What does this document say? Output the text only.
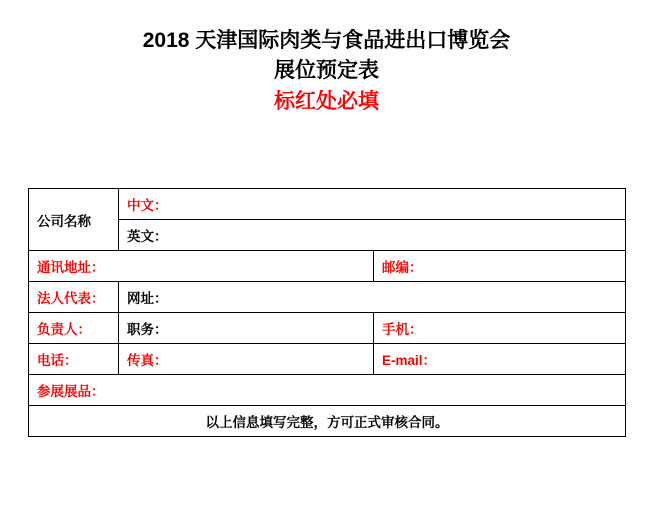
2018 天津国际肉类与食品进出口博览会
展位预定表
标红处必填
公司名称	中文：	
	英文：	
通讯地址：		邮编：
法人代表：	网址：	
负责人：	职务：	手机：
电话：	传真：	E-mail：
参展展品：		
以上信息填写完整，方可正式审核合同。		
